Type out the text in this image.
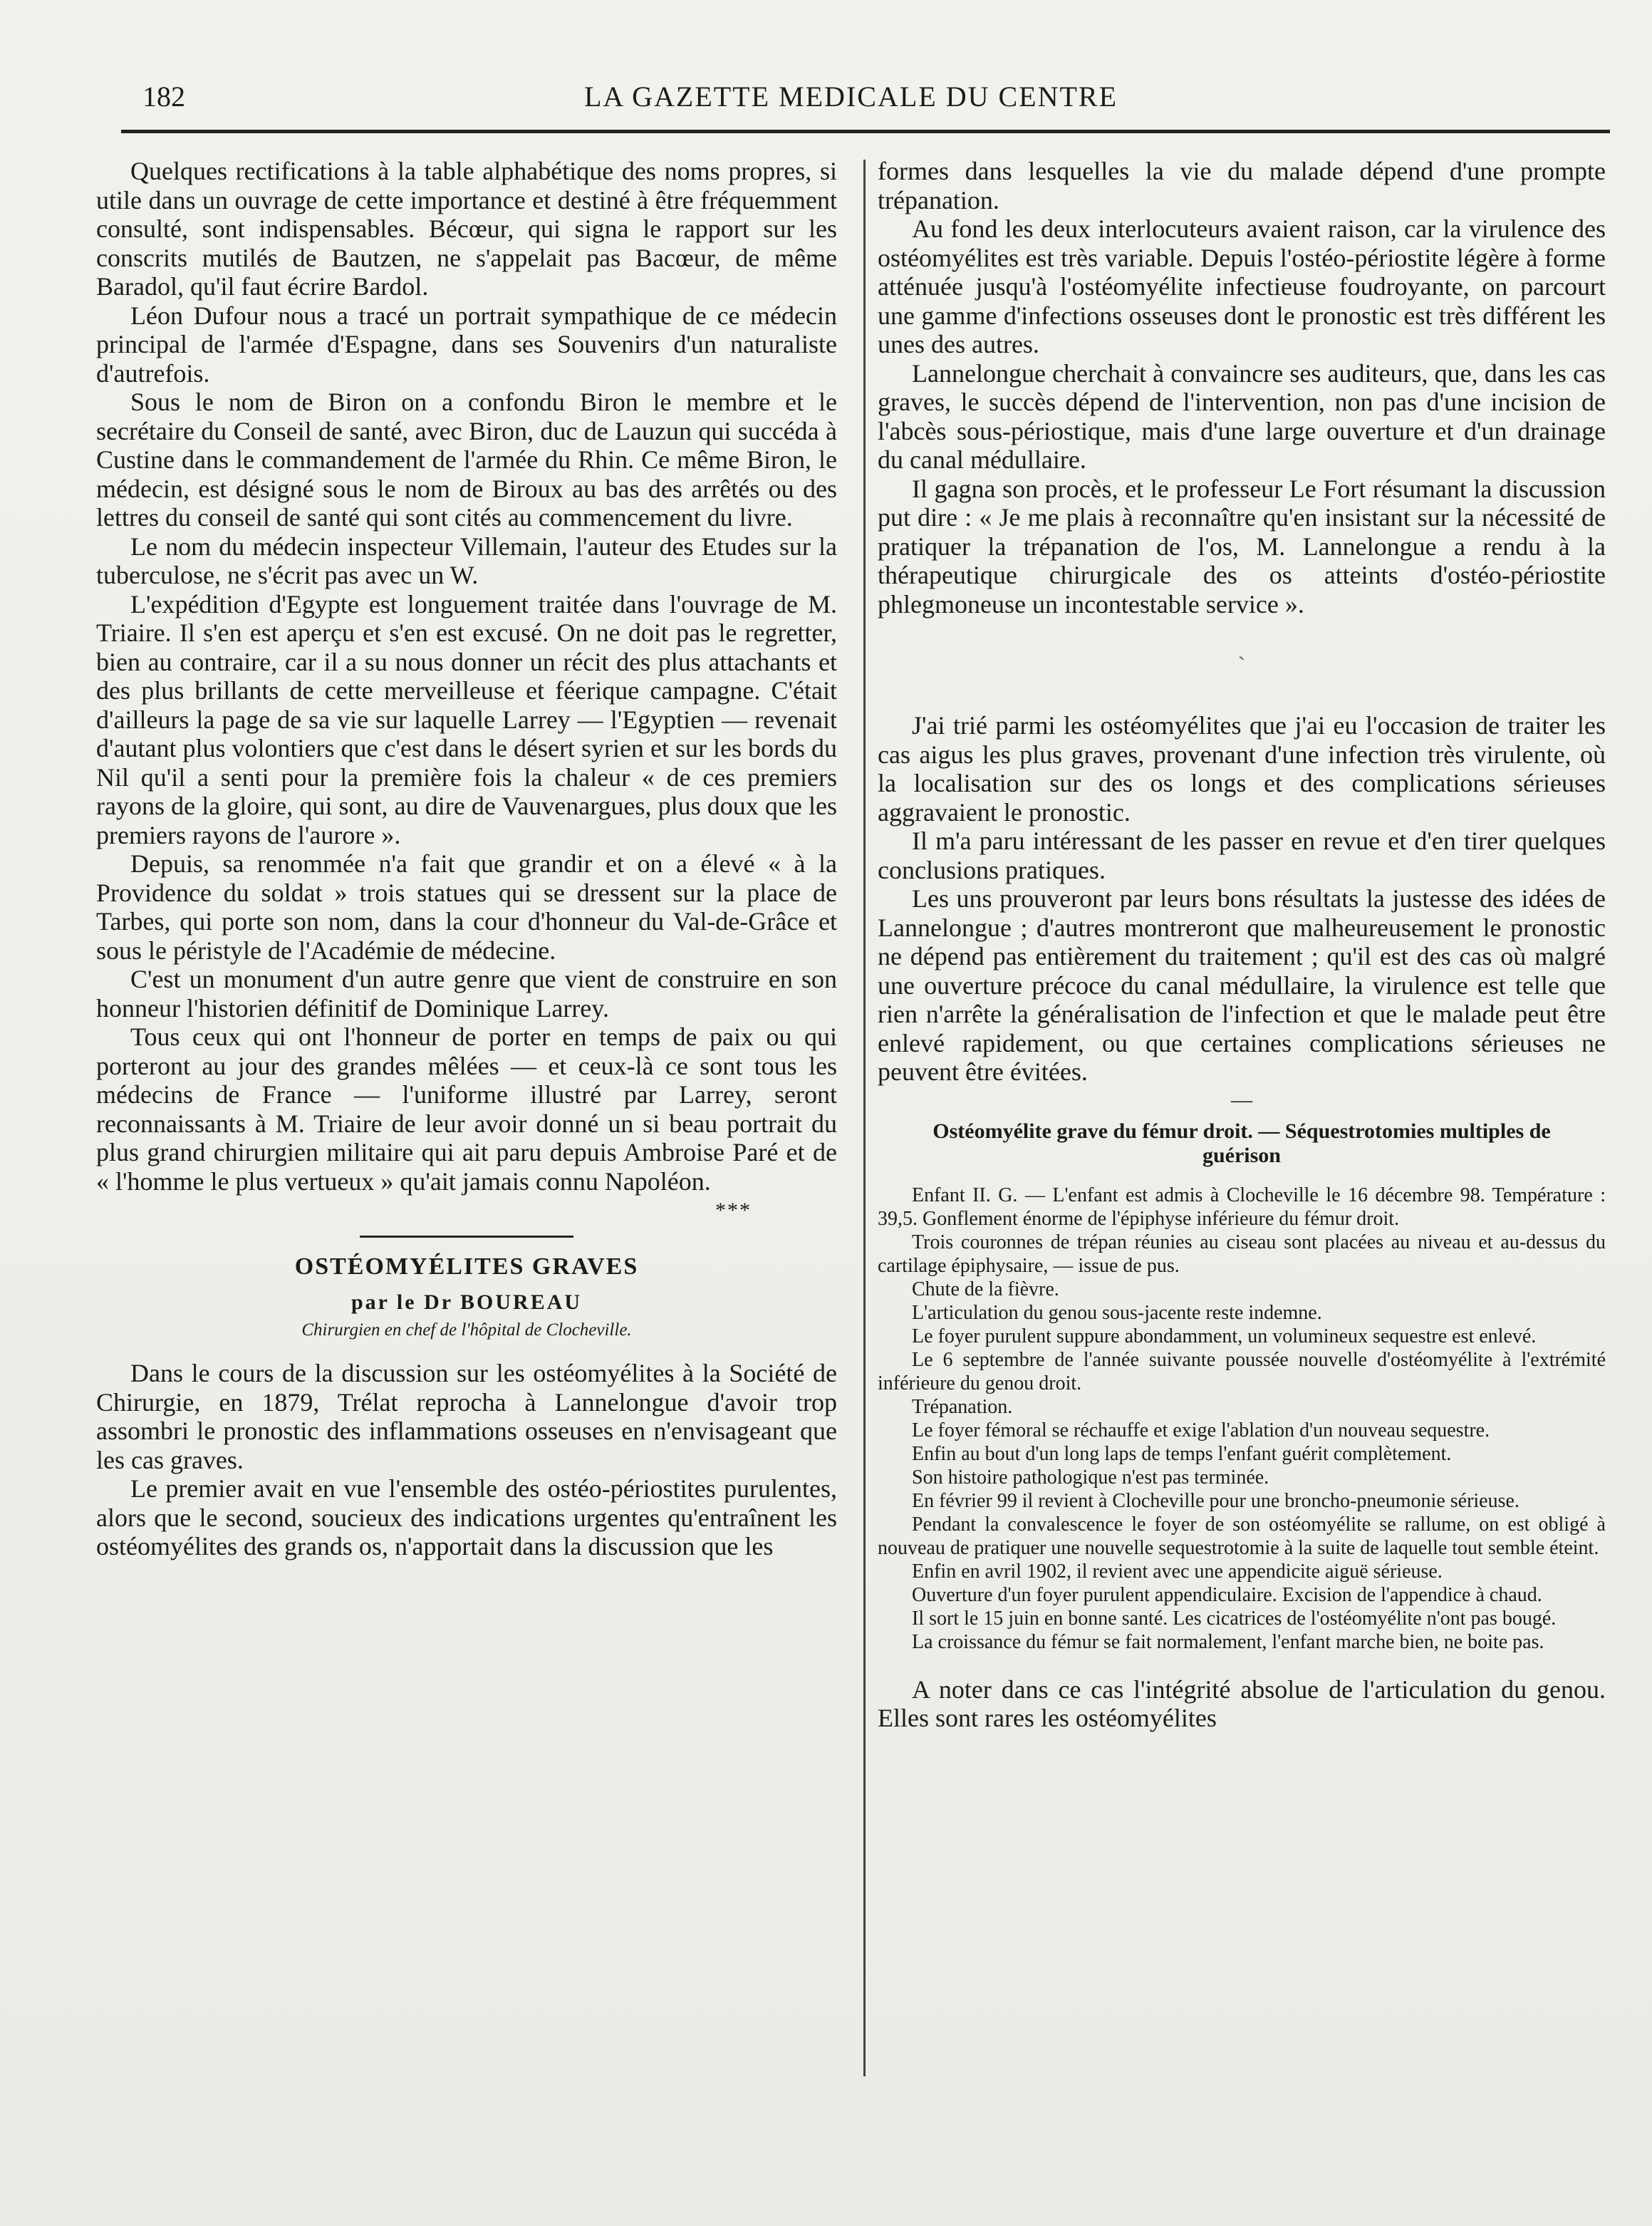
182	LA GAZETTE MEDICALE DU CENTRE

Quelques rectifications à la table alphabétique des noms propres, si utile dans un ouvrage de cette importance et destiné à être fréquemment consulté, sont indispensables. Bécœur, qui signa le rapport sur les conscrits mutilés de Bautzen, ne s'appelait pas Bacœur, de même Baradol, qu'il faut écrire Bardol.

Léon Dufour nous a tracé un portrait sympathique de ce médecin principal de l'armée d'Espagne, dans ses Souvenirs d'un naturaliste d'autrefois.

Sous le nom de Biron on a confondu Biron le membre et le secrétaire du Conseil de santé, avec Biron, duc de Lauzun qui succéda à Custine dans le commandement de l'armée du Rhin. Ce même Biron, le médecin, est désigné sous le nom de Biroux au bas des arrêtés ou des lettres du conseil de santé qui sont cités au commencement du livre.

Le nom du médecin inspecteur Villemain, l'auteur des Etudes sur la tuberculose, ne s'écrit pas avec un W.

L'expédition d'Egypte est longuement traitée dans l'ouvrage de M. Triaire. Il s'en est aperçu et s'en est excusé. On ne doit pas le regretter, bien au contraire, car il a su nous donner un récit des plus attachants et des plus brillants de cette merveilleuse et féerique campagne. C'était d'ailleurs la page de sa vie sur laquelle Larrey — l'Egyptien — revenait d'autant plus volontiers que c'est dans le désert syrien et sur les bords du Nil qu'il a senti pour la première fois la chaleur « de ces premiers rayons de la gloire, qui sont, au dire de Vauvenargues, plus doux que les premiers rayons de l'aurore ».

Depuis, sa renommée n'a fait que grandir et on a élevé « à la Providence du soldat » trois statues qui se dressent sur la place de Tarbes, qui porte son nom, dans la cour d'honneur du Val-de-Grâce et sous le péristyle de l'Académie de médecine.

C'est un monument d'un autre genre que vient de construire en son honneur l'historien définitif de Dominique Larrey.

Tous ceux qui ont l'honneur de porter en temps de paix ou qui porteront au jour des grandes mêlées — et ceux-là ce sont tous les médecins de France — l'uniforme illustré par Larrey, seront reconnaissants à M. Triaire de leur avoir donné un si beau portrait du plus grand chirurgien militaire qui ait paru depuis Ambroise Paré et de « l'homme le plus vertueux » qu'ait jamais connu Napoléon.

***
OSTÉOMYÉLITES GRAVES
par le Dr BOUREAU
Chirurgien en chef de l'hôpital de Clocheville.

Dans le cours de la discussion sur les ostéomyélites à la Société de Chirurgie, en 1879, Trélat reprocha à Lannelongue d'avoir trop assombri le pronostic des inflammations osseuses en n'envisageant que les cas graves.

Le premier avait en vue l'ensemble des ostéo-périostites purulentes, alors que le second, soucieux des indications urgentes qu'entraînent les ostéomyélites des grands os, n'apportait dans la discussion que les

formes dans lesquelles la vie du malade dépend d'une prompte trépanation.

Au fond les deux interlocuteurs avaient raison, car la virulence des ostéomyélites est très variable. Depuis l'ostéo-périostite légère à forme atténuée jusqu'à l'ostéomyélite infectieuse foudroyante, on parcourt une gamme d'infections osseuses dont le pronostic est très différent les unes des autres.

Lannelongue cherchait à convaincre ses auditeurs, que, dans les cas graves, le succès dépend de l'intervention, non pas d'une incision de l'abcès sous-périostique, mais d'une large ouverture et d'un drainage du canal médullaire.

Il gagna son procès, et le professeur Le Fort résumant la discussion put dire : « Je me plais à reconnaître qu'en insistant sur la nécessité de pratiquer la trépanation de l'os, M. Lannelongue a rendu à la thérapeutique chirurgicale des os atteints d'ostéo-périostite phlegmoneuse un incontestable service ».

ˋ

J'ai trié parmi les ostéomyélites que j'ai eu l'occasion de traiter les cas aigus les plus graves, provenant d'une infection très virulente, où la localisation sur des os longs et des complications sérieuses aggravaient le pronostic.

Il m'a paru intéressant de les passer en revue et d'en tirer quelques conclusions pratiques.

Les uns prouveront par leurs bons résultats la justesse des idées de Lannelongue ; d'autres montreront que malheureusement le pronostic ne dépend pas entièrement du traitement ; qu'il est des cas où malgré une ouverture précoce du canal médullaire, la virulence est telle que rien n'arrête la généralisation de l'infection et que le malade peut être enlevé rapidement, ou que certaines complications sérieuses ne peuvent être évitées.

—
Ostéomyélite grave du fémur droit. — Séquestrotomies multiples de guérison

Enfant II. G. — L'enfant est admis à Clocheville le 16 décembre 98. Température : 39,5. Gonflement énorme de l'épiphyse inférieure du fémur droit.

Trois couronnes de trépan réunies au ciseau sont placées au niveau et au-dessus du cartilage épiphysaire, — issue de pus.

Chute de la fièvre.

L'articulation du genou sous-jacente reste indemne.

Le foyer purulent suppure abondamment, un volumineux sequestre est enlevé.

Le 6 septembre de l'année suivante poussée nouvelle d'ostéomyélite à l'extrémité inférieure du genou droit.

Trépanation.

Le foyer fémoral se réchauffe et exige l'ablation d'un nouveau sequestre.

Enfin au bout d'un long laps de temps l'enfant guérit complètement.

Son histoire pathologique n'est pas terminée.

En février 99 il revient à Clocheville pour une broncho-pneumonie sérieuse.

Pendant la convalescence le foyer de son ostéomyélite se rallume, on est obligé à nouveau de pratiquer une nouvelle sequestrotomie à la suite de laquelle tout semble éteint.

Enfin en avril 1902, il revient avec une appendicite aiguë sérieuse.

Ouverture d'un foyer purulent appendiculaire. Excision de l'appendice à chaud.

Il sort le 15 juin en bonne santé. Les cicatrices de l'ostéomyélite n'ont pas bougé.

La croissance du fémur se fait normalement, l'enfant marche bien, ne boite pas.

A noter dans ce cas l'intégrité absolue de l'articulation du genou. Elles sont rares les ostéomyélites
